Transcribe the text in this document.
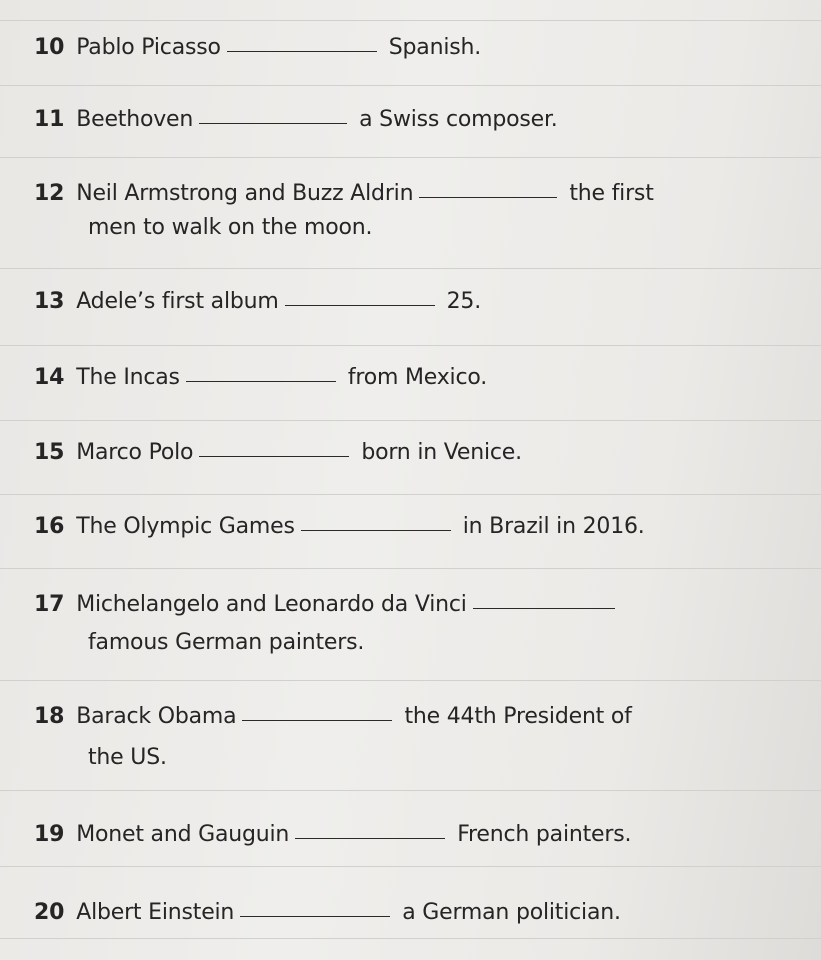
10 Pablo Picasso	Spanish.
11 Beethoven	a Swiss composer.
12 Neil Armstrong and Buzz Aldrin	the first
men to walk on the moon.
13 Adele’s first album	25.
14 The Incas	from Mexico.
15 Marco Polo	born in Venice.
16 The Olympic Games	in Brazil in 2016.
17 Michelangelo and Leonardo da Vinci
famous German painters.
18 Barack Obama	the 44th President of
the US.
19 Monet and Gauguin	French painters.
20 Albert Einstein	a German politician.
